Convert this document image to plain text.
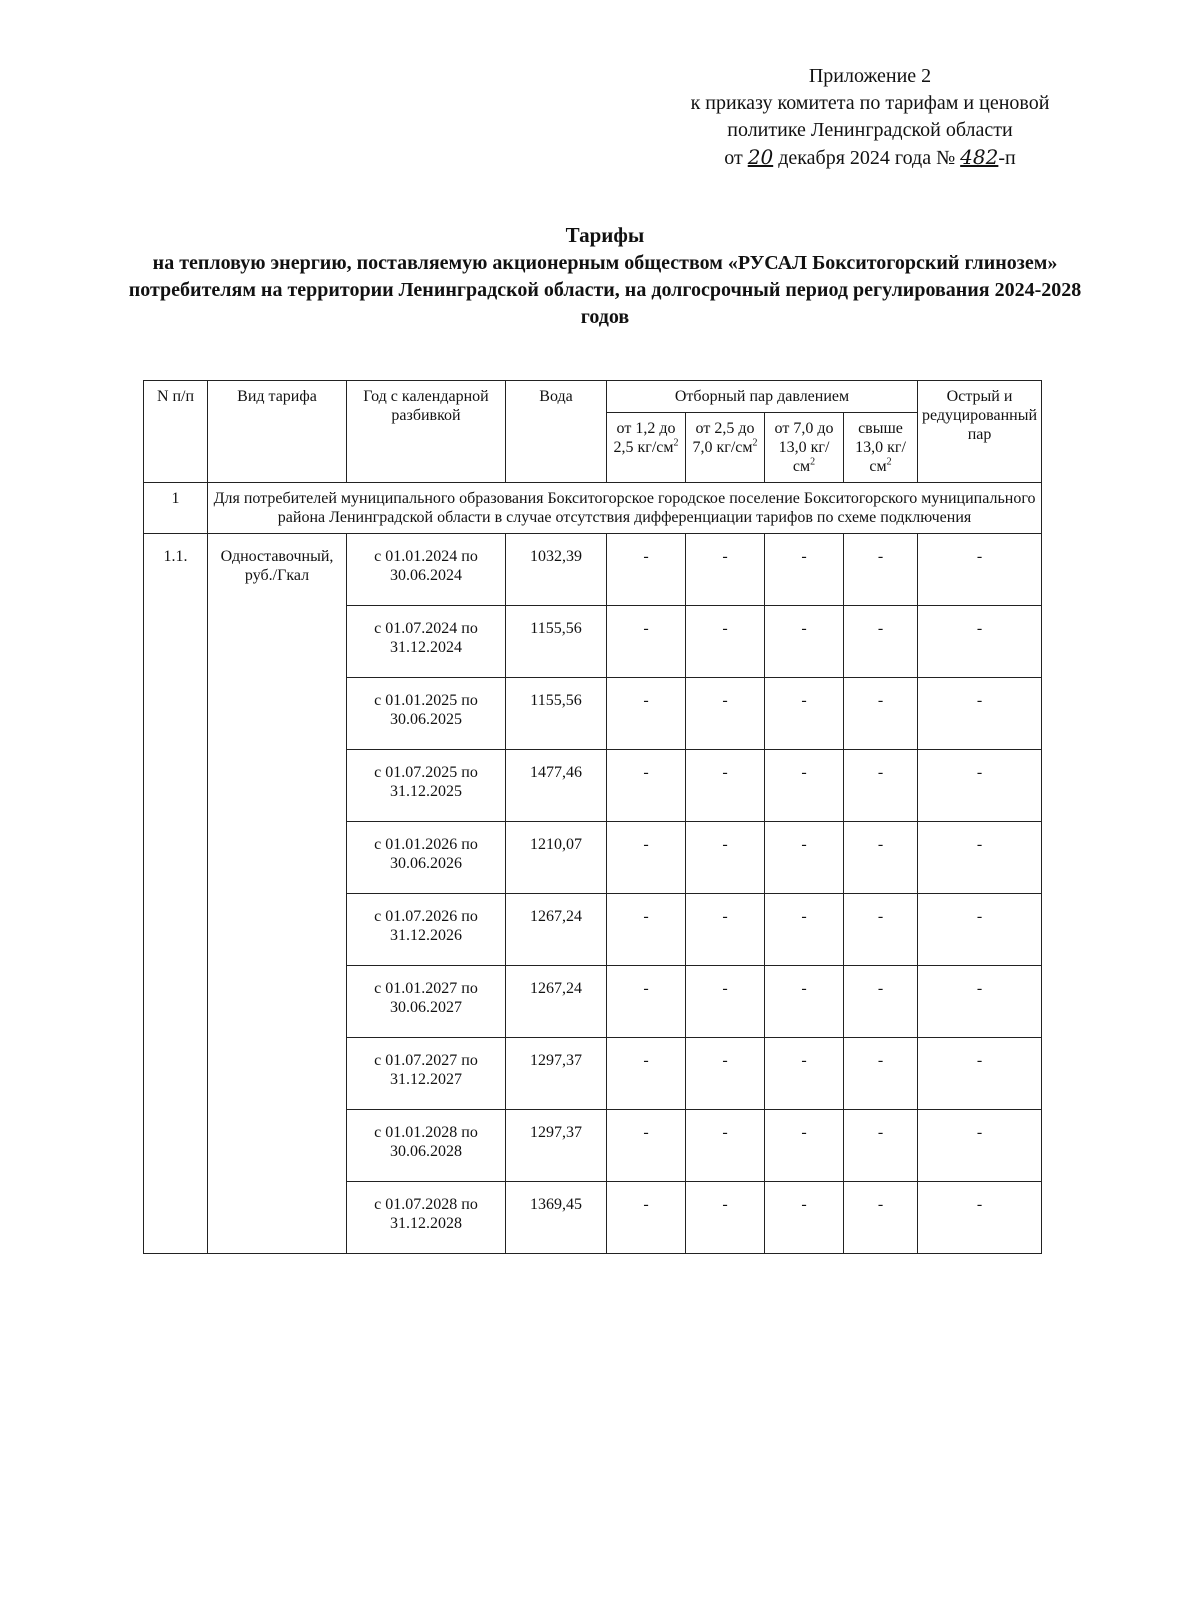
Приложение 2
к приказу комитета по тарифам и ценовой
политике Ленинградской области
от 20 декабря 2024 года № 482-п
Тарифы
на тепловую энергию, поставляемую акционерным обществом «РУСАЛ Бокситогорский глинозем» потребителям на территории Ленинградской области, на долгосрочный период регулирования 2024-2028 годов
N п/п	Вид тарифа	Год с календарной разбивкой	Вода	Отборный пар давлением				Острый и редуцированный пар
				от 1,2 до 2,5 $кг/см^2$	от 2,5 до 7,0 $кг/см^2$	от 7,0 до 13,0 $кг/см^2$	свыше 13,0 $кг/см^2$
1	Для потребителей муниципального образования Бокситогорское городское поселение Бокситогорского муниципального района Ленинградской области в случае отсутствия дифференциации тарифов по схеме подключения							
1.1.	Одноставочный, руб./Гкал	с 01.01.2024 по 30.06.2024	1032,39	-	-	-	-	-
		с 01.07.2024 по 31.12.2024	1155,56	-	-	-	-	-
		с 01.01.2025 по 30.06.2025	1155,56	-	-	-	-	-
		с 01.07.2025 по 31.12.2025	1477,46	-	-	-	-	-
		с 01.01.2026 по 30.06.2026	1210,07	-	-	-	-	-
		с 01.07.2026 по 31.12.2026	1267,24	-	-	-	-	-
		с 01.01.2027 по 30.06.2027	1267,24	-	-	-	-	-
		с 01.07.2027 по 31.12.2027	1297,37	-	-	-	-	-
		с 01.01.2028 по 30.06.2028	1297,37	-	-	-	-	-
		с 01.07.2028 по 31.12.2028	1369,45	-	-	-	-	-
